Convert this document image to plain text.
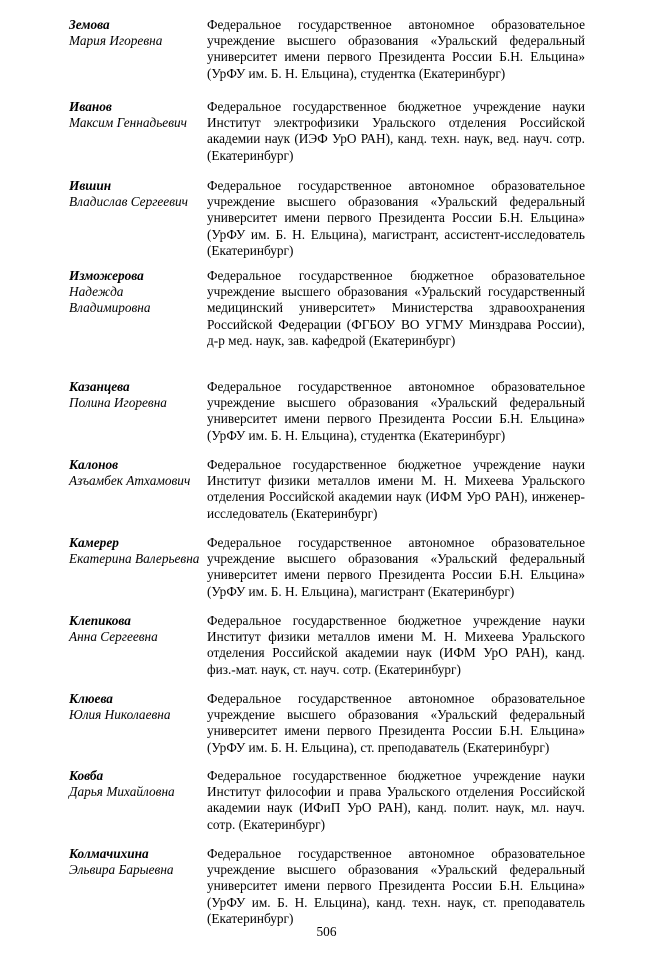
Земова
Мария Игоревна
Федеральное государственное автономное образовательное учреждение высшего образования «Уральский федеральный университет имени первого Президента России Б.Н. Ельцина» (УрФУ им. Б. Н. Ельцина), студентка (Екатеринбург)
Иванов
Максим Геннадьевич
Федеральное государственное бюджетное учреждение науки Институт электрофизики Уральского отделения Российской академии наук (ИЭФ УрО РАН), канд. техн. наук, вед. науч. сотр. (Екатеринбург)
Ившин
Владислав Сергеевич
Федеральное государственное автономное образовательное учреждение высшего образования «Уральский федеральный университет имени первого Президента России Б.Н. Ельцина» (УрФУ им. Б. Н. Ельцина), магистрант, ассистент-исследователь (Екатеринбург)
Изможерова
Надежда Владимировна
Федеральное государственное бюджетное образовательное учреждение высшего образования «Уральский государственный медицинский университет» Министерства здравоохранения Российской Федерации (ФГБОУ ВО УГМУ Минздрава России), д-р мед. наук, зав. кафедрой (Екатеринбург)
Казанцева
Полина Игоревна
Федеральное государственное автономное образовательное учреждение высшего образования «Уральский федеральный университет имени первого Президента России Б.Н. Ельцина» (УрФУ им. Б. Н. Ельцина), студентка (Екатеринбург)
Калонов
Азъамбек Атхамович
Федеральное государственное бюджетное учреждение науки Институт физики металлов имени М. Н. Михеева Уральского отделения Российской академии наук (ИФМ УрО РАН), инженер-исследователь (Екатеринбург)
Камерер
Екатерина Валерьевна
Федеральное государственное автономное образовательное учреждение высшего образования «Уральский федеральный университет имени первого Президента России Б.Н. Ельцина» (УрФУ им. Б. Н. Ельцина), магистрант (Екатеринбург)
Клепикова
Анна Сергеевна
Федеральное государственное бюджетное учреждение науки Институт физики металлов имени М. Н. Михеева Уральского отделения Российской академии наук (ИФМ УрО РАН), канд. физ.-мат. наук, ст. науч. сотр. (Екатеринбург)
Клюева
Юлия Николаевна
Федеральное государственное автономное образовательное учреждение высшего образования «Уральский федеральный университет имени первого Президента России Б.Н. Ельцина» (УрФУ им. Б. Н. Ельцина), ст. преподаватель (Екатеринбург)
Ковба
Дарья Михайловна
Федеральное государственное бюджетное учреждение науки Институт философии и права Уральского отделения Российской академии наук (ИФиП УрО РАН), канд. полит. наук, мл. науч. сотр. (Екатеринбург)
Колмачихина
Эльвира Барыевна
Федеральное государственное автономное образовательное учреждение высшего образования «Уральский федеральный университет имени первого Президента России Б.Н. Ельцина» (УрФУ им. Б. Н. Ельцина), канд. техн. наук, ст. преподаватель (Екатеринбург)
506
